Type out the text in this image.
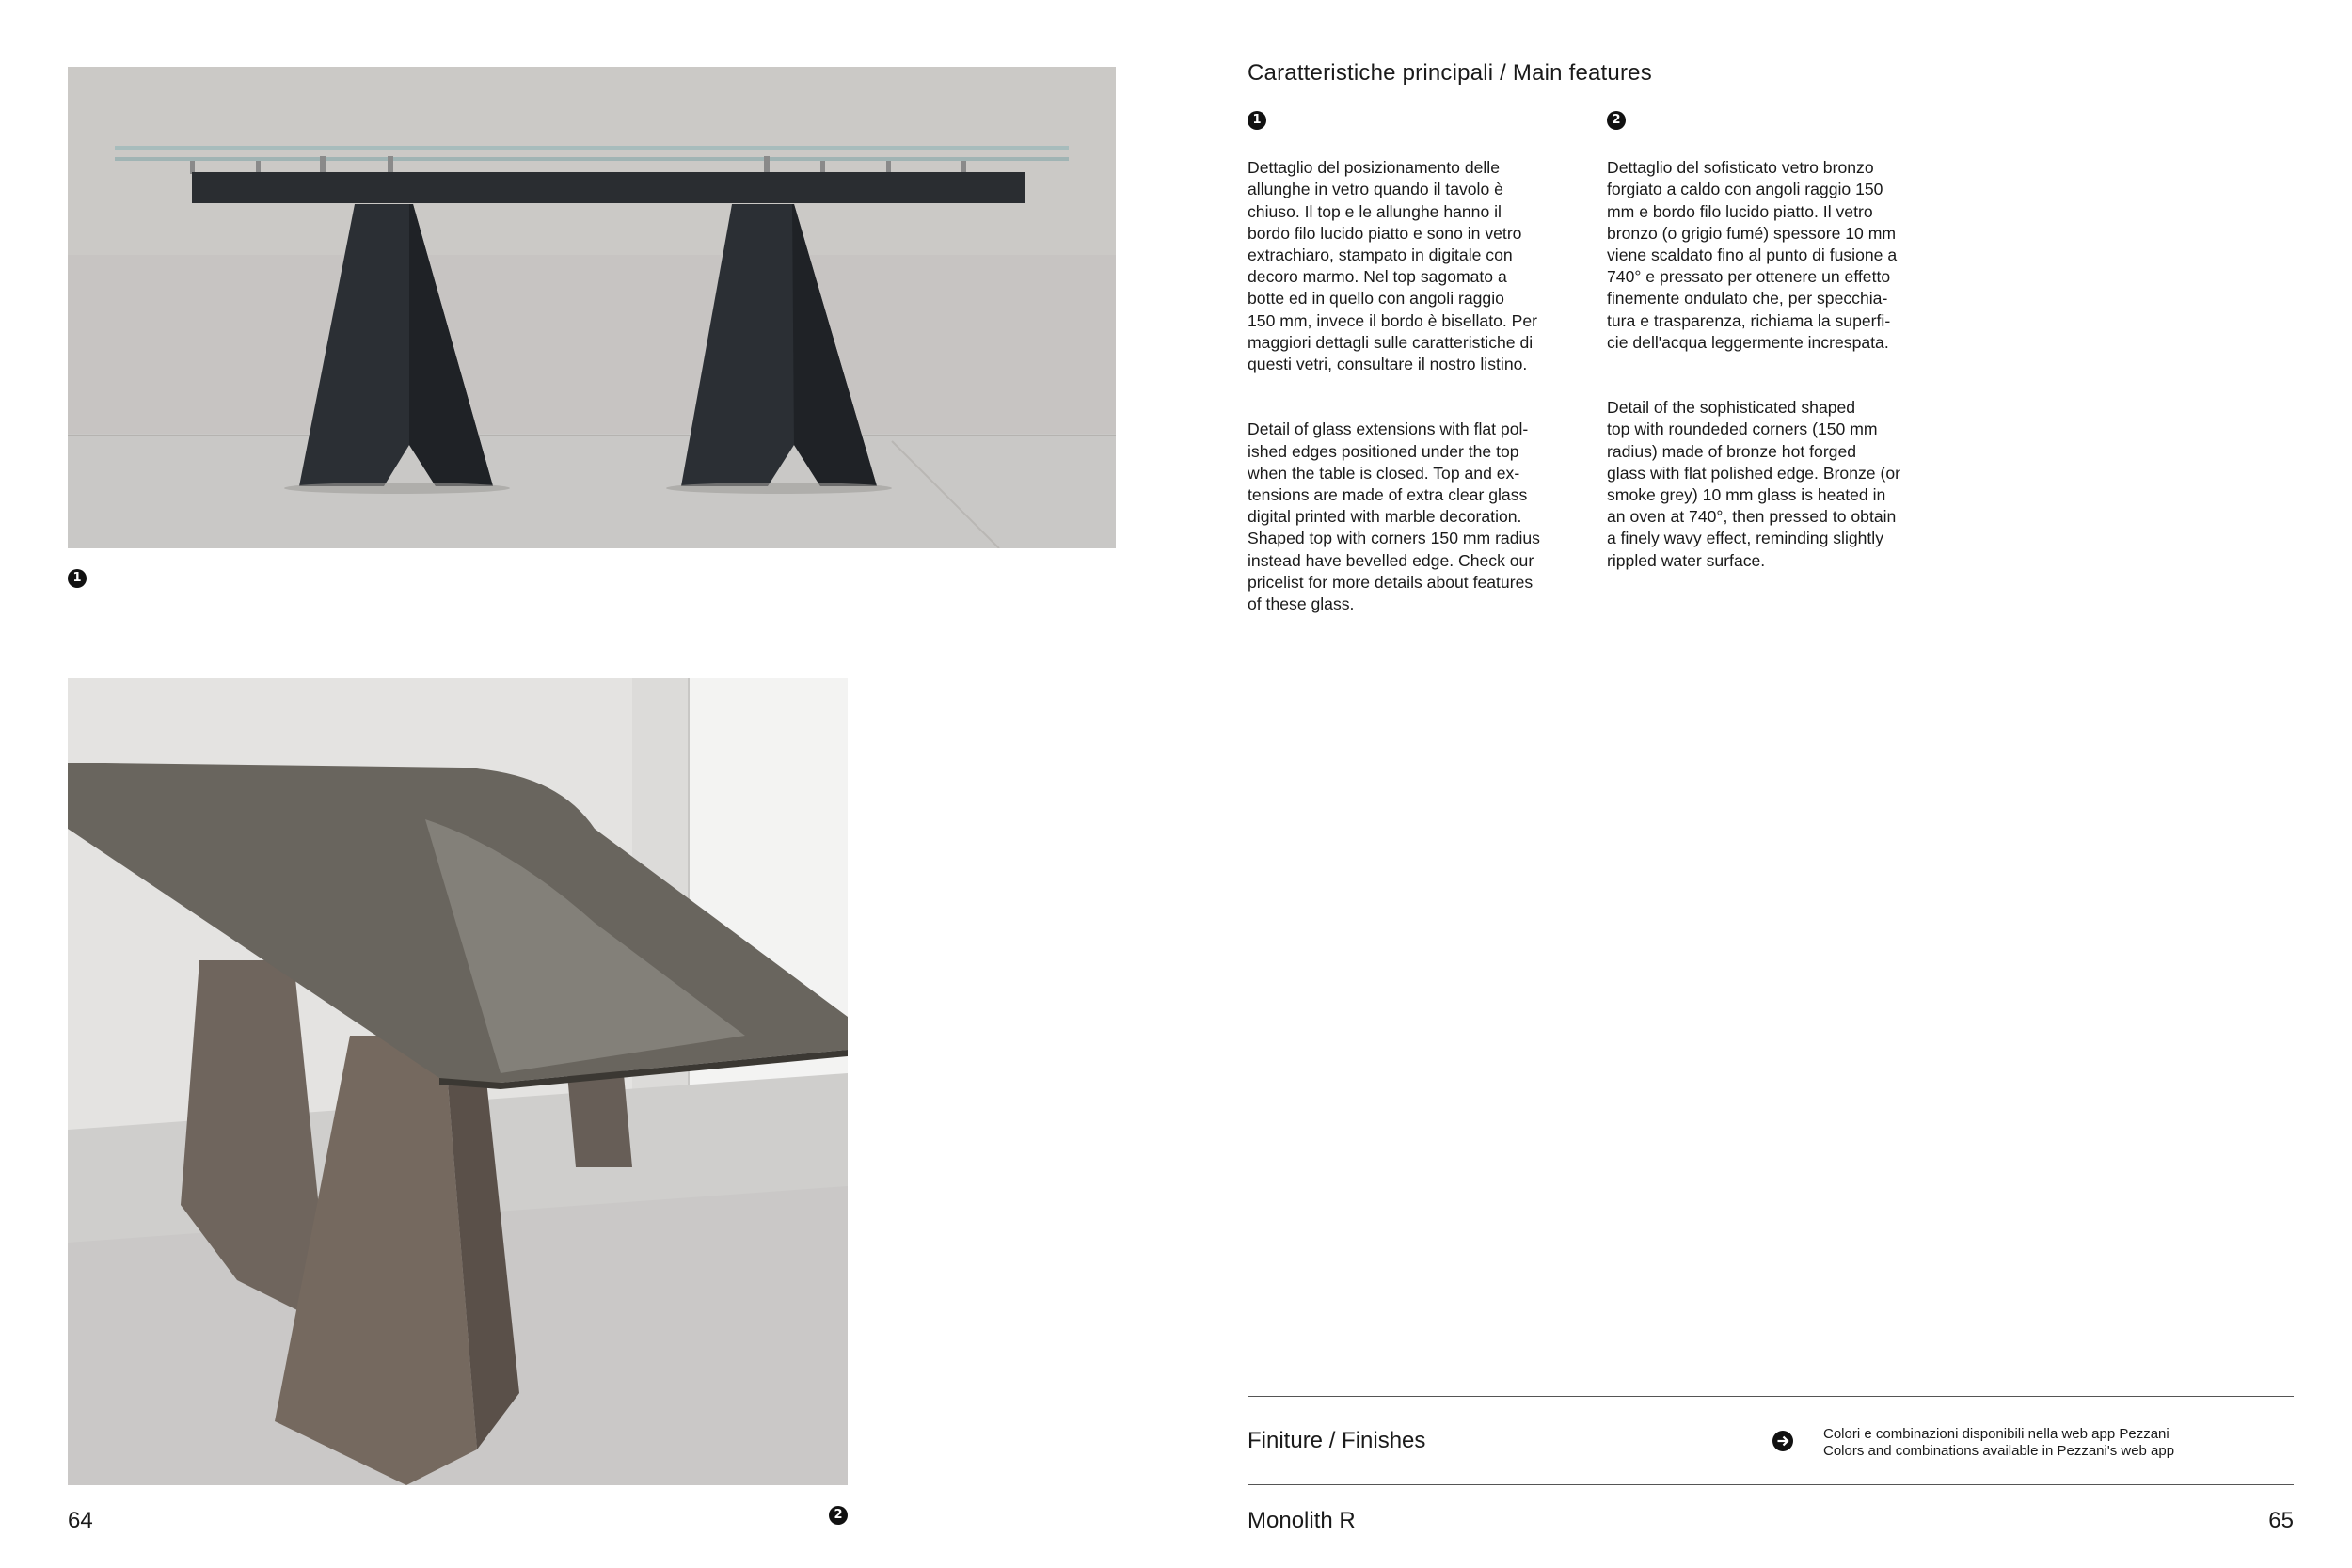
1
64	2
Caratteristiche principali / Main features
1

Dettaglio del posizionamento delle
allunghe in vetro quando il tavolo è
chiuso. Il top e le allunghe hanno il
bordo filo lucido piatto e sono in vetro
extrachiaro, stampato in digitale con
decoro marmo. Nel top sagomato a
botte ed in quello con angoli raggio
150 mm, invece il bordo è bisellato. Per
maggiori dettagli sulle caratteristiche di
questi vetri, consultare il nostro listino.

Detail of glass extensions with flat pol-
ished edges positioned under the top
when the table is closed. Top and ex-
tensions are made of extra clear glass
digital printed with marble decoration.
Shaped top with corners 150 mm radius
instead have bevelled edge. Check our
pricelist for more details about features
of these glass.

2

Dettaglio del sofisticato vetro bronzo
forgiato a caldo con angoli raggio 150
mm e bordo filo lucido piatto. Il vetro
bronzo (o grigio fumé) spessore 10 mm
viene scaldato fino al punto di fusione a
740° e pressato per ottenere un effetto
finemente ondulato che, per specchia-
tura e trasparenza, richiama la superfi-
cie dell'acqua leggermente increspata.

Detail of the sophisticated shaped
top with roundeded corners (150 mm
radius) made of bronze hot forged
glass with flat polished edge. Bronze (or
smoke grey) 10 mm glass is heated in
an oven at 740°, then pressed to obtain
a finely wavy effect, reminding slightly
rippled water surface.

Finiture / Finishes	Colori e combinazioni disponibili nella web app Pezzani
Colors and combinations available in Pezzani's web app
Monolith R	65
